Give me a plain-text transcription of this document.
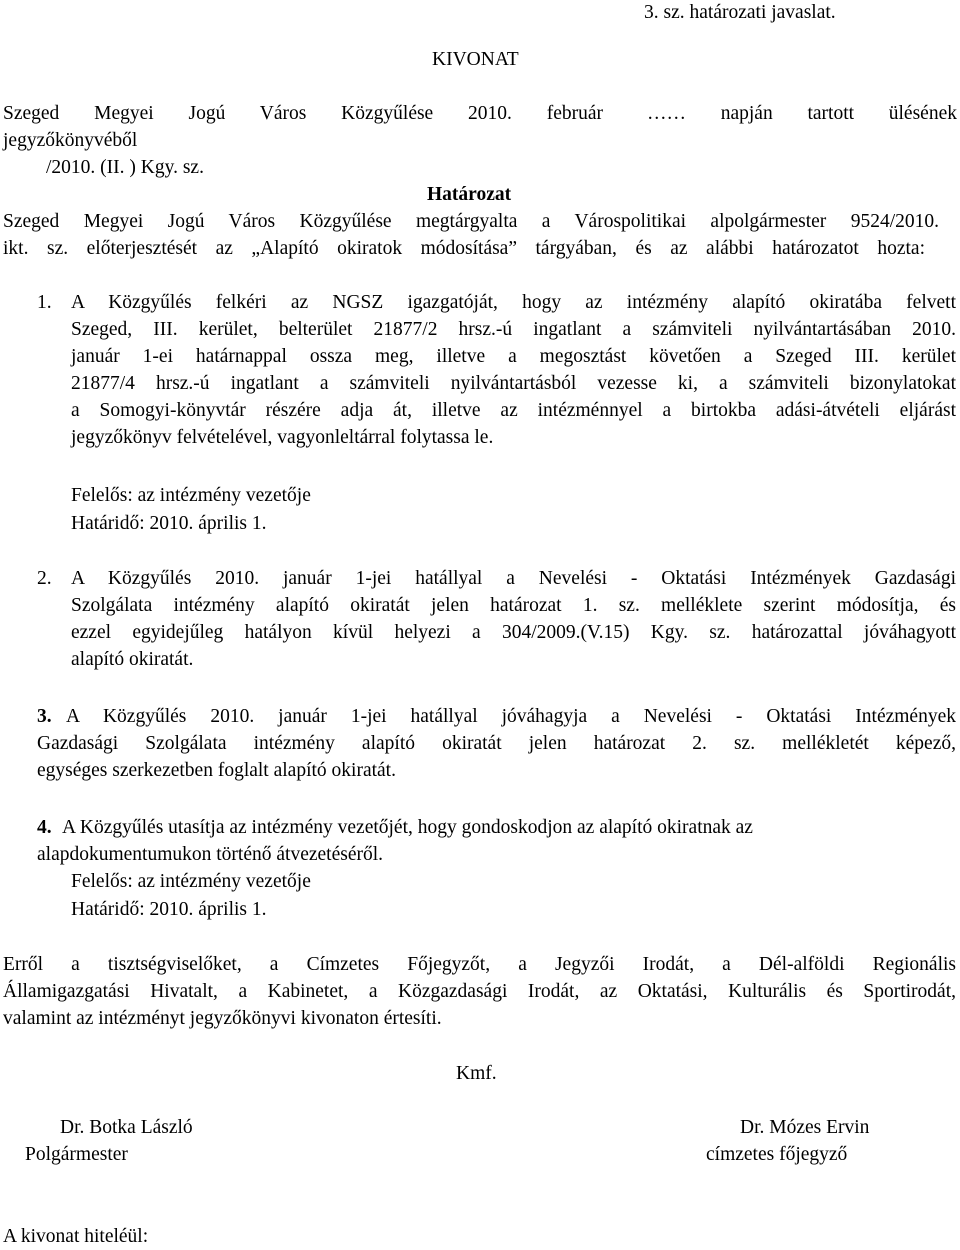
3. sz. határozati javaslat.
KIVONAT
Szeged Megyei Jogú Város Közgyűlése 2010. február …… napján tartott ülésének
jegyzőkönyvéből
/2010. (II. ) Kgy. sz.
Határozat
Szeged Megyei Jogú Város Közgyűlése megtárgyalta a Várospolitikai alpolgármester 9524/2010.
ikt. sz. előterjesztését az „Alapító okiratok módosítása” tárgyában, és az alábbi határozatot hozta:
1. A Közgyűlés felkéri az NGSZ igazgatóját, hogy az intézmény alapító okiratába felvett
Szeged, III. kerület, belterület 21877/2 hrsz.-ú ingatlant a számviteli nyilvántartásában 2010.
január 1-ei határnappal ossza meg, illetve a megosztást követően a Szeged III. kerület
21877/4 hrsz.-ú ingatlant a számviteli nyilvántartásból vezesse ki, a számviteli bizonylatokat
a Somogyi-könyvtár részére adja át, illetve az intézménnyel a birtokba adási-átvételi eljárást
jegyzőkönyv felvételével, vagyonleltárral folytassa le.
Felelős: az intézmény vezetője
Határidő: 2010. április 1.
2. A Közgyűlés 2010. január 1-jei hatállyal a Nevelési - Oktatási Intézmények Gazdasági
Szolgálata intézmény alapító okiratát jelen határozat 1. sz. melléklete szerint módosítja, és
ezzel egyidejűleg hatályon kívül helyezi a 304/2009.(V.15) Kgy. sz. határozattal jóváhagyott
alapító okiratát.
3. A Közgyűlés 2010. január 1-jei hatállyal jóváhagyja a Nevelési - Oktatási Intézmények
Gazdasági Szolgálata intézmény alapító okiratát jelen határozat 2. sz. mellékletét képező,
egységes szerkezetben foglalt alapító okiratát.
4. A Közgyűlés utasítja az intézmény vezetőjét, hogy gondoskodjon az alapító okiratnak az
alapdokumentumukon történő átvezetéséről.
Felelős: az intézmény vezetője
Határidő: 2010. április 1.
Erről a tisztségviselőket, a Címzetes Főjegyzőt, a Jegyzői Irodát, a Dél-alföldi Regionális
Államigazgatási Hivatalt, a Kabinetet, a Közgazdasági Irodát, az Oktatási, Kulturális és Sportirodát,
valamint az intézményt jegyzőkönyvi kivonaton értesíti.
Kmf.
Dr. Botka László
Polgármester
Dr. Mózes Ervin
címzetes főjegyző
A kivonat hiteléül:
